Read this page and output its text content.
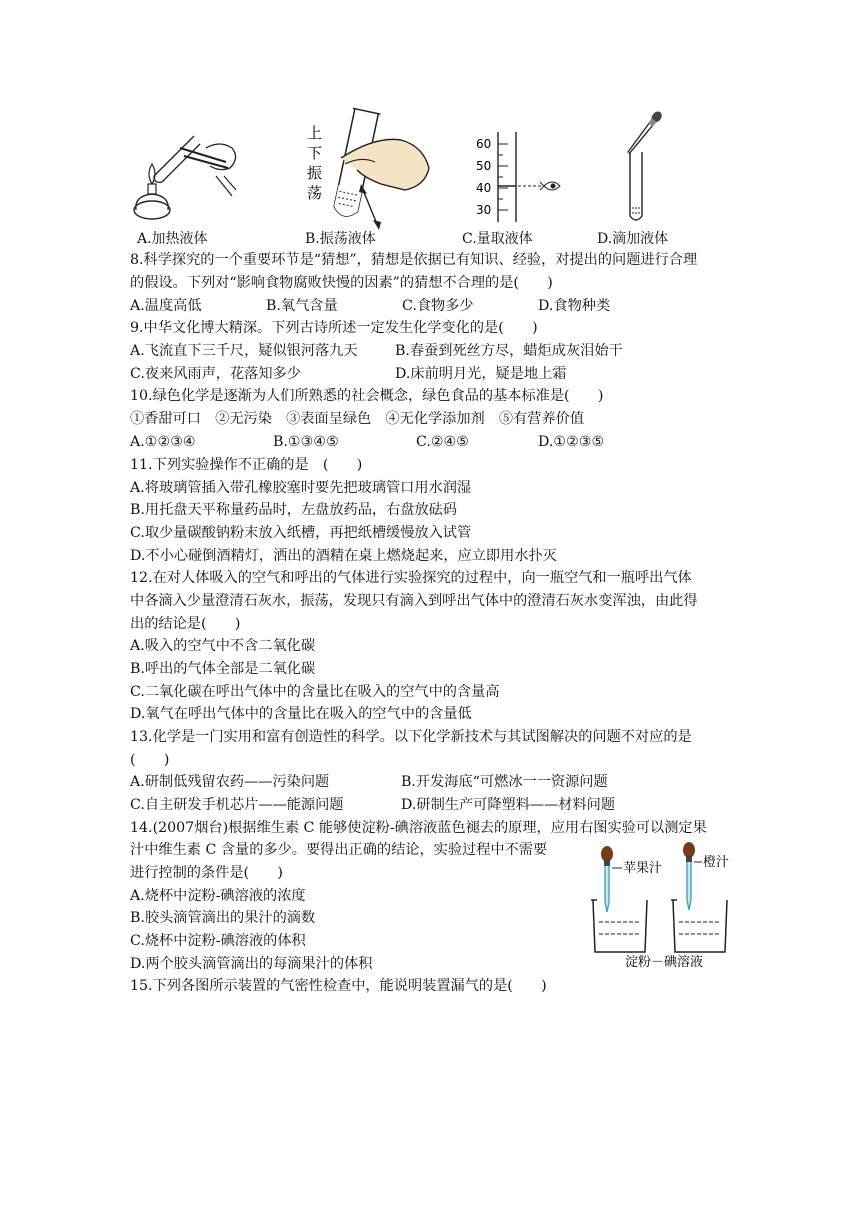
A.加热液体
上
下
振
荡
B.振荡液体
60
50
40
30
C.量取液体	D.滴加液体
8.科学探究的一个重要环节是“猜想”，猜想是依据已有知识、经验，对提出的问题进行合理
的假设。下列对“影响食物腐败快慢的因素”的猜想不合理的是(　　)
A.温度高低	B.氧气含量	C.食物多少	D.食物种类
9.中华文化博大精深。下列古诗所述一定发生化学变化的是(　　)
A.飞流直下三千尺，疑似银河落九天	B.春蚕到死丝方尽，蜡炬成灰泪始干
C.夜来风雨声，花落知多少	D.床前明月光，疑是地上霜
10.绿色化学是逐渐为人们所熟悉的社会概念，绿色食品的基本标准是(　　)
①香甜可口　②无污染　③表面呈绿色　④无化学添加剂　⑤有营养价值
A.①②③④	B.①③④⑤	C.②④⑤	D.①②③⑤
11.下列实验操作不正确的是　(　　)
A.将玻璃管插入带孔橡胶塞时要先把玻璃管口用水润湿
B.用托盘天平称量药品时，左盘放药品，右盘放砝码
C.取少量碳酸钠粉末放入纸槽，再把纸槽缓慢放入试管
D.不小心碰倒酒精灯，洒出的酒精在桌上燃烧起来，应立即用水扑灭
12.在对人体吸入的空气和呼出的气体进行实验探究的过程中，向一瓶空气和一瓶呼出气体
中各滴入少量澄清石灰水，振荡，发现只有滴入到呼出气体中的澄清石灰水变浑浊，由此得
出的结论是(　　)
A.吸入的空气中不含二氧化碳
B.呼出的气体全部是二氧化碳
C.二氧化碳在呼出气体中的含量比在吸入的空气中的含量高
D.氧气在呼出气体中的含量比在吸入的空气中的含量低
13.化学是一门实用和富有创造性的科学。以下化学新技术与其试图解决的问题不对应的是
(　　)
A.研制低残留农药——污染问题	B.开发海底“可燃冰一一资源问题
C.自主研发手机芯片——能源问题	D.研制生产可降塑料——材料问题
14.(2007烟台)根据维生素 C 能够使淀粉-碘溶液蓝色褪去的原理，应用右图实验可以测定果
汁中维生素 C 含量的多少。要得出正确的结论，实验过程中不需要
进行控制的条件是(　　)
A.烧杯中淀粉-碘溶液的浓度
B.胶头滴管滴出的果汁的滴数
C.烧杯中淀粉-碘溶液的体积
D.两个胶头滴管滴出的每滴果汁的体积
苹果汁	橙汁
淀粉－碘溶液
15.下列各图所示装置的气密性检查中，能说明装置漏气的是(　　)
